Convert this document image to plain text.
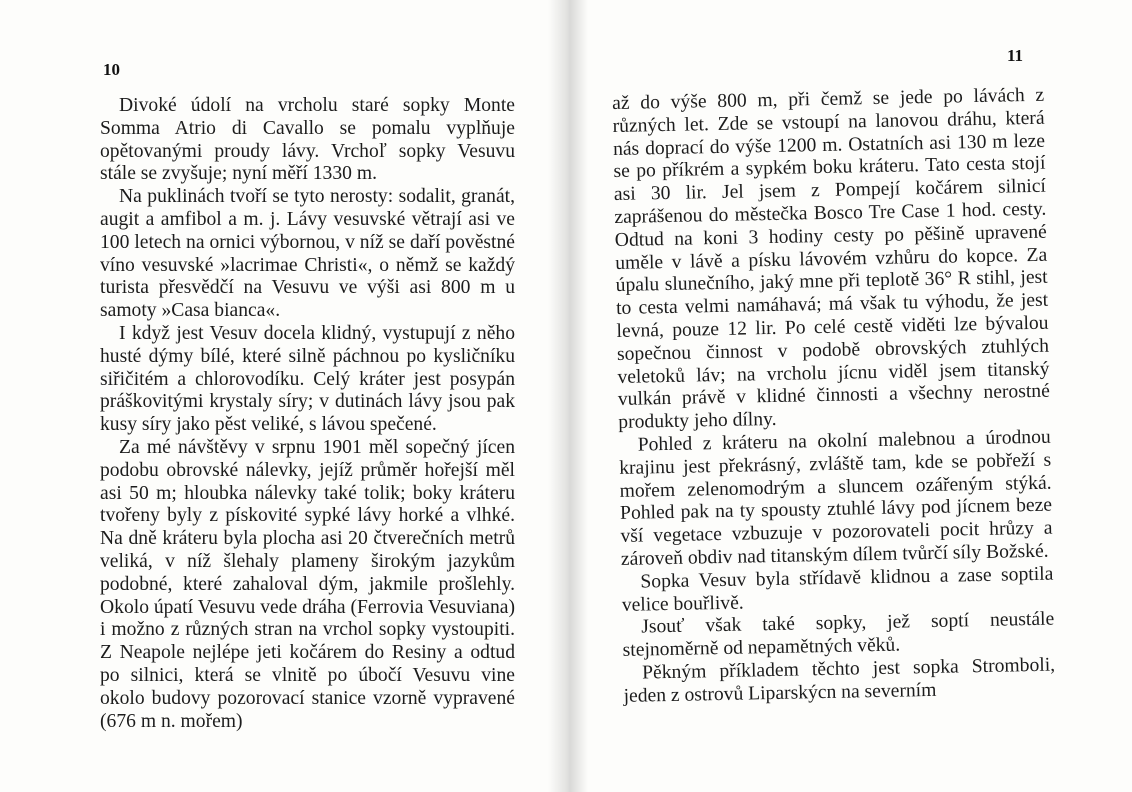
10

Divoké údolí na vrcholu staré sopky Monte Somma Atrio di Cavallo se pomalu vyplňuje opětovanými proudy lávy. Vrchoľ sopky Vesuvu stále se zvyšuje; nyní měří 1330 m.

Na puklinách tvoří se tyto nerosty: sodalit, granát, augit a amfibol a m. j. Lávy vesuvské větrají asi ve 100 letech na ornici výbornou, v níž se daří pověstné víno vesuvské »lacrimae Christi«, o němž se každý turista přesvědčí na Vesuvu ve výši asi 800 m u samoty »Casa bianca«.

I když jest Vesuv docela klidný, vystupují z něho husté dýmy bílé, které silně páchnou po kysličníku siřičitém a chlorovodíku. Celý kráter jest posypán práškovitými krystaly síry; v dutinách lávy jsou pak kusy síry jako pěst veliké, s lávou spečené.

Za mé návštěvy v srpnu 1901 měl sopečný jícen podobu obrovské nálevky, jejíž průměr hořejší měl asi 50 m; hloubka nálevky také tolik; boky kráteru tvořeny byly z pískovité sypké lávy horké a vlhké. Na dně kráteru byla plocha asi 20 čtverečních metrů veliká, v níž šlehaly plameny širokým jazykům podobné, které zahaloval dým, jakmile prošlehly. Okolo úpatí Vesuvu vede dráha (Ferrovia Vesuviana) i možno z různých stran na vrchol sopky vystoupiti. Z Neapole nejlépe jeti kočárem do Resiny a odtud po silnici, která se vlnitě po úbočí Vesuvu vine okolo budovy pozorovací stanice vzorně vypravené (676 m n. mořem)

11

až do výše 800 m, při čemž se jede po lávách z různých let. Zde se vstoupí na lanovou dráhu, která nás doprací do výše 1200 m. Ostatních asi 130 m leze se po příkrém a sypkém boku kráteru. Tato cesta stojí asi 30 lir. Jel jsem z Pompejí kočárem silnicí zaprášenou do městečka Bosco Tre Case 1 hod. cesty. Odtud na koni 3 hodiny cesty po pěšině upravené uměle v lávě a písku lávovém vzhůru do kopce. Za úpalu slunečního, jaký mne při teplotě 36° R stihl, jest to cesta velmi namáhavá; má však tu výhodu, že jest levná, pouze 12 lir. Po celé cestě viděti lze bývalou sopečnou činnost v podobě obrovských ztuhlých veletoků láv; na vrcholu jícnu viděl jsem titanský vulkán právě v klidné činnosti a všechny nerostné produkty jeho dílny.

Pohled z kráteru na okolní malebnou a úrodnou krajinu jest překrásný, zvláště tam, kde se pobřeží s mořem zelenomodrým a sluncem ozářeným stýká. Pohled pak na ty spousty ztuhlé lávy pod jícnem beze vší vegetace vzbuzuje v pozorovateli pocit hrůzy a zároveň obdiv nad titanským dílem tvůrčí síly Božské.

Sopka Vesuv byla střídavě klidnou a zase soptila velice bouřlivě.

Jsouť však také sopky, jež soptí neustále stejnoměrně od nepamětných věků.

Pěkným příkladem těchto jest sopka Stromboli, jeden z ostrovů Liparskýcn na severním
